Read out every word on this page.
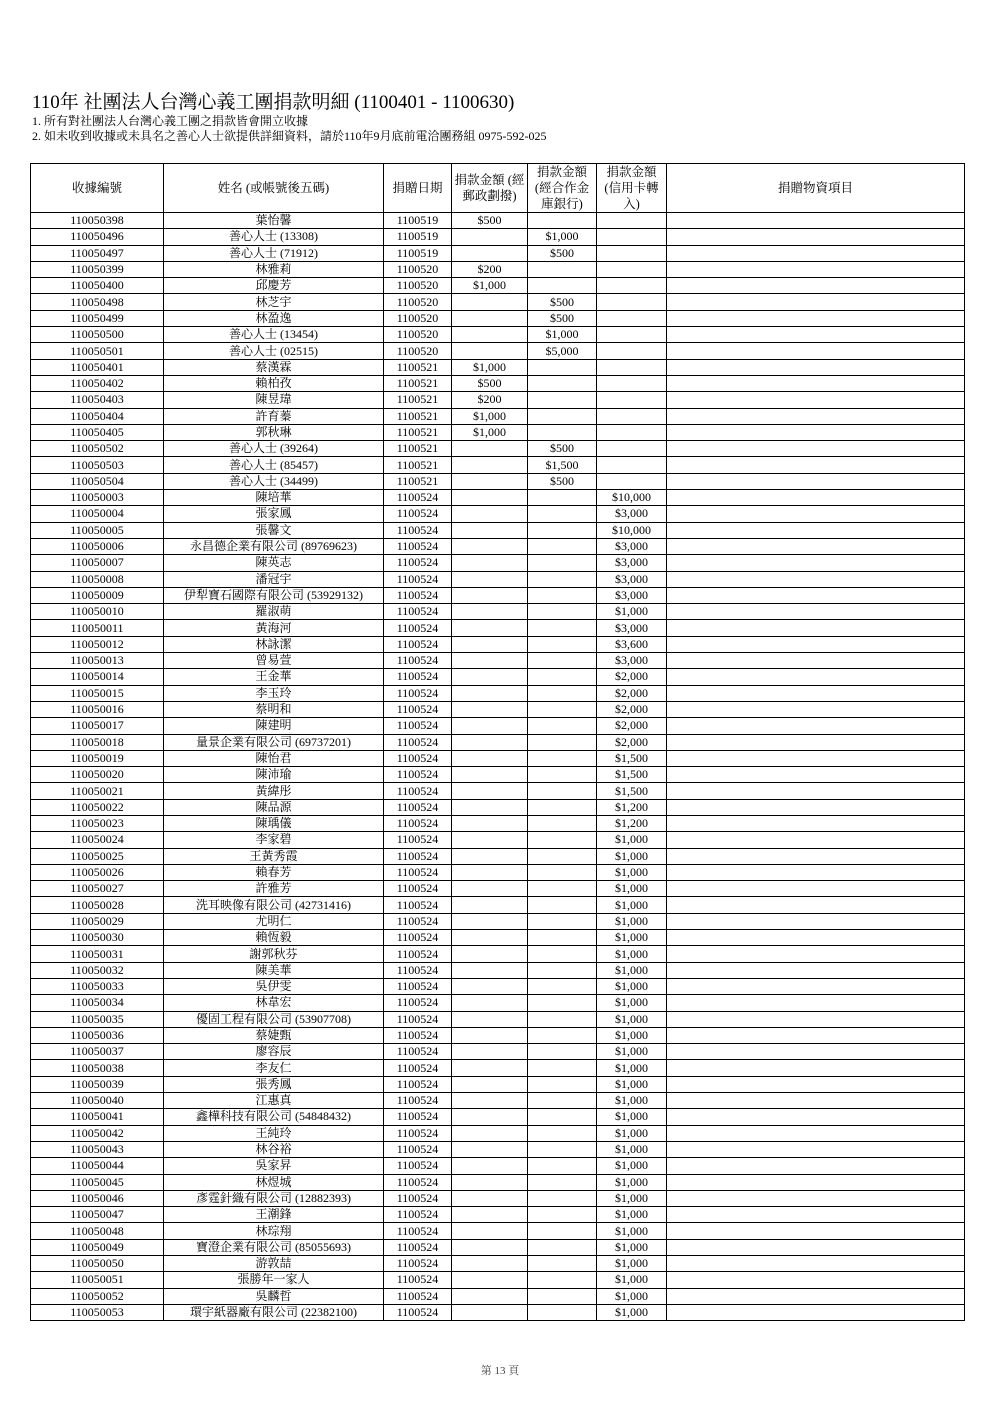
110年 社團法人台灣心義工團捐款明細 (1100401 - 1100630)

1. 所有對社團法人台灣心義工團之捐款皆會開立收據

2. 如未收到收據或未具名之善心人士欲提供詳細資料，請於110年9月底前電洽團務組 0975-592-025

收據編號	姓名 (或帳號後五碼)	捐贈日期	捐款金額 (經郵政劃撥)	捐款金額 (經合作金庫銀行)	捐款金額 (信用卡轉入)	捐贈物資項目
110050398	葉怡馨	1100519	$500			
110050496	善心人士 (13308)	1100519		$1,000		
110050497	善心人士 (71912)	1100519		$500		
110050399	林雅莉	1100520	$200			
110050400	邱慶芳	1100520	$1,000			
110050498	林芝宇	1100520		$500		
110050499	林盈逸	1100520		$500		
110050500	善心人士 (13454)	1100520		$1,000		
110050501	善心人士 (02515)	1100520		$5,000		
110050401	蔡漢霖	1100521	$1,000			
110050402	賴柏孜	1100521	$500			
110050403	陳昱瑋	1100521	$200			
110050404	許育蓁	1100521	$1,000			
110050405	郭秋琳	1100521	$1,000			
110050502	善心人士 (39264)	1100521		$500		
110050503	善心人士 (85457)	1100521		$1,500		
110050504	善心人士 (34499)	1100521		$500		
110050003	陳培華	1100524			$10,000	
110050004	張家鳳	1100524			$3,000	
110050005	張馨文	1100524			$10,000	
110050006	永昌德企業有限公司 (89769623)	1100524			$3,000	
110050007	陳英志	1100524			$3,000	
110050008	潘冠宇	1100524			$3,000	
110050009	伊犁寶石國際有限公司 (53929132)	1100524			$3,000	
110050010	羅淑萌	1100524			$1,000	
110050011	黃海河	1100524			$3,000	
110050012	林詠潔	1100524			$3,600	
110050013	曾易萱	1100524			$3,000	
110050014	王金華	1100524			$2,000	
110050015	李玉玲	1100524			$2,000	
110050016	蔡明和	1100524			$2,000	
110050017	陳建明	1100524			$2,000	
110050018	量景企業有限公司 (69737201)	1100524			$2,000	
110050019	陳怡君	1100524			$1,500	
110050020	陳沛瑜	1100524			$1,500	
110050021	黃緯彤	1100524			$1,500	
110050022	陳品源	1100524			$1,200	
110050023	陳瑀儀	1100524			$1,200	
110050024	李家碧	1100524			$1,000	
110050025	王黃秀霞	1100524			$1,000	
110050026	賴春芳	1100524			$1,000	
110050027	許雅芳	1100524			$1,000	
110050028	洗耳映像有限公司 (42731416)	1100524			$1,000	
110050029	尤明仁	1100524			$1,000	
110050030	賴恆毅	1100524			$1,000	
110050031	謝郭秋芬	1100524			$1,000	
110050032	陳美華	1100524			$1,000	
110050033	吳伊雯	1100524			$1,000	
110050034	林韋宏	1100524			$1,000	
110050035	優固工程有限公司 (53907708)	1100524			$1,000	
110050036	蔡婕甄	1100524			$1,000	
110050037	廖容辰	1100524			$1,000	
110050038	李友仁	1100524			$1,000	
110050039	張秀鳳	1100524			$1,000	
110050040	江惠真	1100524			$1,000	
110050041	鑫樺科技有限公司 (54848432)	1100524			$1,000	
110050042	王純玲	1100524			$1,000	
110050043	林谷裕	1100524			$1,000	
110050044	吳家昇	1100524			$1,000	
110050045	林煜城	1100524			$1,000	
110050046	彥霆針織有限公司 (12882393)	1100524			$1,000	
110050047	王潮鋒	1100524			$1,000	
110050048	林琮翔	1100524			$1,000	
110050049	寶澄企業有限公司 (85055693)	1100524			$1,000	
110050050	游敦喆	1100524			$1,000	
110050051	張勝年一家人	1100524			$1,000	
110050052	吳麟哲	1100524			$1,000	
110050053	環宇紙器廠有限公司 (22382100)	1100524			$1,000	
第 13 頁
